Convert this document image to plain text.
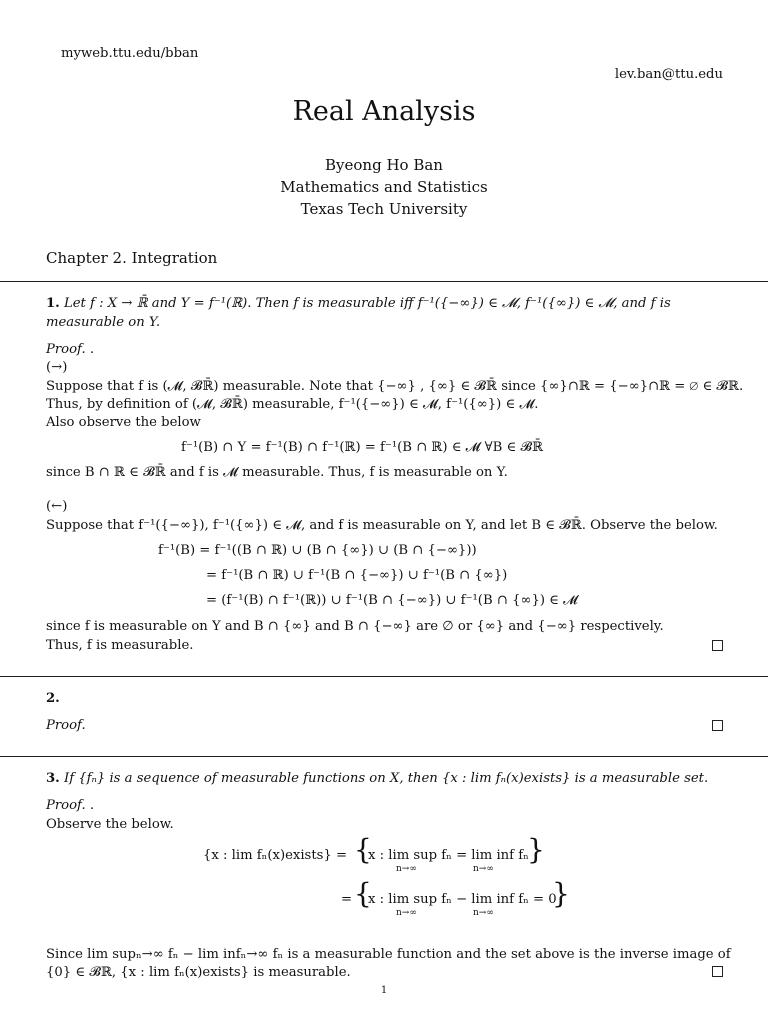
myweb.ttu.edu/bban
lev.ban@ttu.edu
Real Analysis
Byeong Ho Ban
Mathematics and Statistics
Texas Tech University
Chapter 2. Integration
1. Let f : X → ℝ̄ and Y = f⁻¹(ℝ). Then f is measurable iff f⁻¹({−∞}) ∈ 𝓜, f⁻¹({∞}) ∈ 𝓜, and f is
measurable on Y.
Proof. .
(→)
Suppose that f is (𝓜, 𝓑ℝ̄) measurable. Note that {−∞} , {∞} ∈ 𝓑ℝ̄ since {∞}∩ℝ = {−∞}∩ℝ = ∅ ∈ 𝓑ℝ.
Thus, by definition of (𝓜, 𝓑ℝ̄) measurable, f⁻¹({−∞}) ∈ 𝓜, f⁻¹({∞}) ∈ 𝓜.
Also observe the below
f⁻¹(B) ∩ Y = f⁻¹(B) ∩ f⁻¹(ℝ) = f⁻¹(B ∩ ℝ) ∈ 𝓜 ∀B ∈ 𝓑ℝ̄
since B ∩ ℝ ∈ 𝓑ℝ̄ and f is 𝓜 measurable. Thus, f is measurable on Y.
(←)
Suppose that f⁻¹({−∞}), f⁻¹({∞}) ∈ 𝓜, and f is measurable on Y, and let B ∈ 𝓑ℝ̄. Observe the below.
f⁻¹(B) = f⁻¹((B ∩ ℝ) ∪ (B ∩ {∞}) ∪ (B ∩ {−∞}))
= f⁻¹(B ∩ ℝ) ∪ f⁻¹(B ∩ {−∞}) ∪ f⁻¹(B ∩ {∞})
= (f⁻¹(B) ∩ f⁻¹(ℝ)) ∪ f⁻¹(B ∩ {−∞}) ∪ f⁻¹(B ∩ {∞}) ∈ 𝓜
since f is measurable on Y and B ∩ {∞} and B ∩ {−∞} are ∅ or {∞} and {−∞} respectively.
Thus, f is measurable.
2.
Proof.
3. If {fₙ} is a sequence of measurable functions on X, then {x : lim fₙ(x)exists} is a measurable set.
Proof. .
Observe the below.
{x : lim fₙ(x)exists} = {
x : lim sup fₙ = lim inf fₙ
n→∞	n→∞
}
= {
x : lim sup fₙ − lim inf fₙ = 0
n→∞	n→∞
}
Since lim supₙ→∞ fₙ − lim infₙ→∞ fₙ is a measurable function and the set above is the inverse image of
{0} ∈ 𝓑ℝ, {x : lim fₙ(x)exists} is measurable.
1
